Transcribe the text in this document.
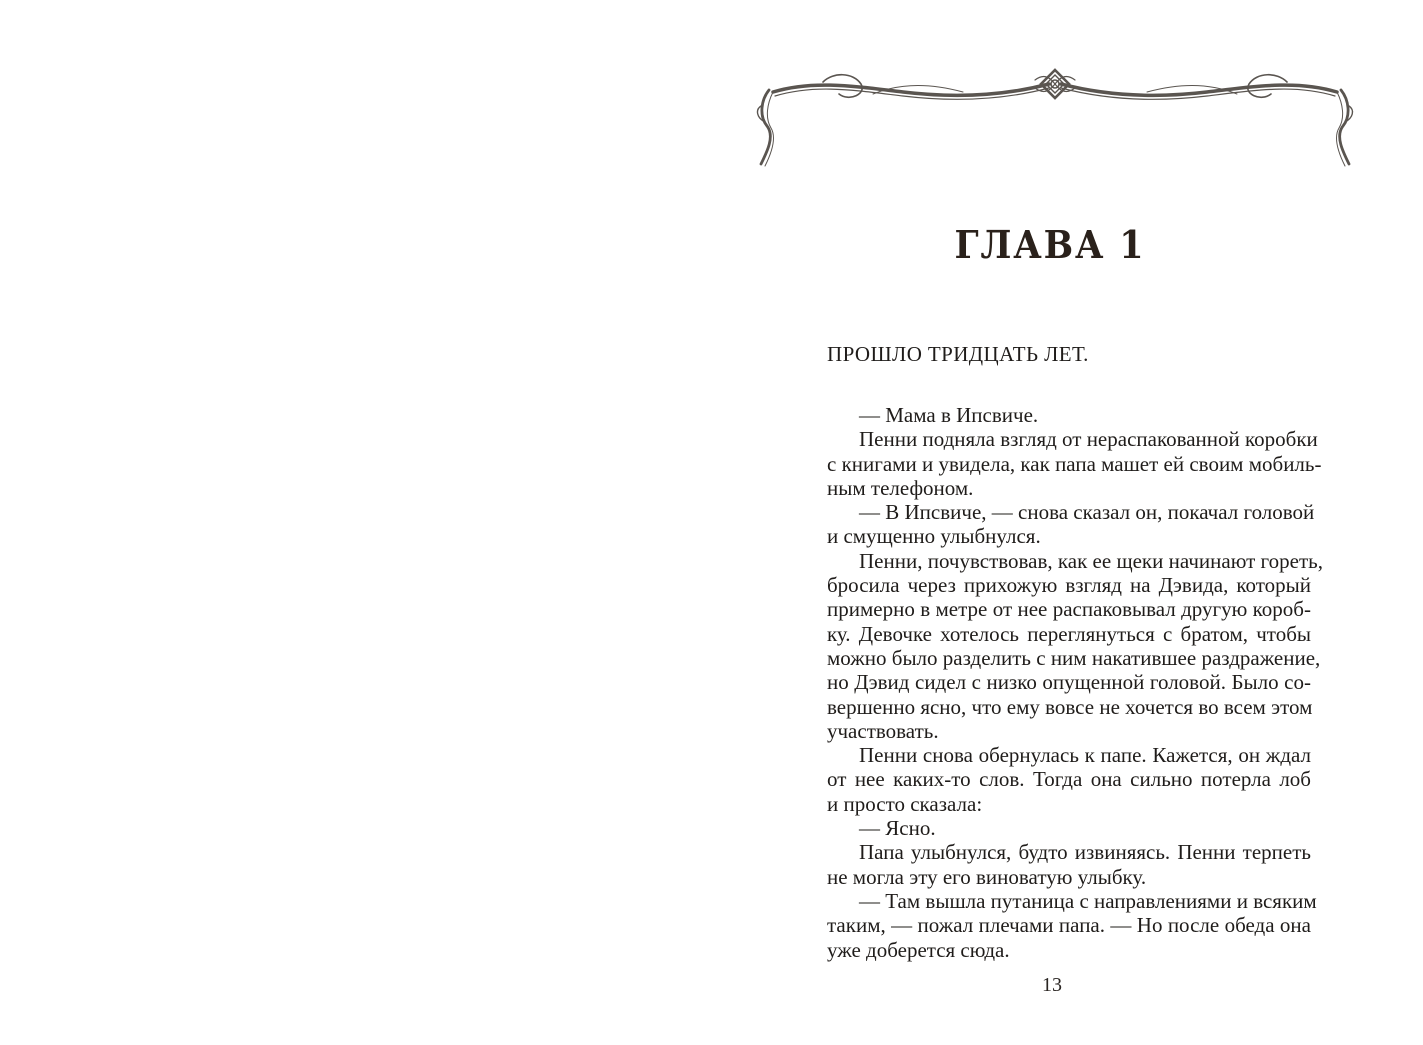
ГЛАВА 1

ПРОШЛО ТРИДЦАТЬ ЛЕТ.

— Мама в Ипсвиче.
Пенни подняла взгляд от нераспакованной коробки
с книгами и увидела, как папа машет ей своим мобиль-
ным телефоном.
— В Ипсвиче, — снова сказал он, покачал головой
и смущенно улыбнулся.
Пенни, почувствовав, как ее щеки начинают гореть,
бросила через прихожую взгляд на Дэвида, который
примерно в метре от нее распаковывал другую короб-
ку. Девочке хотелось переглянуться с братом, чтобы
можно было разделить с ним накатившее раздражение,
но Дэвид сидел с низко опущенной головой. Было со-
вершенно ясно, что ему вовсе не хочется во всем этом
участвовать.
Пенни снова обернулась к папе. Кажется, он ждал
от нее каких-то слов. Тогда она сильно потерла лоб
и просто сказала:
— Ясно.
Папа улыбнулся, будто извиняясь. Пенни терпеть
не могла эту его виноватую улыбку.
— Там вышла путаница с направлениями и всяким
таким, — пожал плечами папа. — Но после обеда она
уже доберется сюда.
13
